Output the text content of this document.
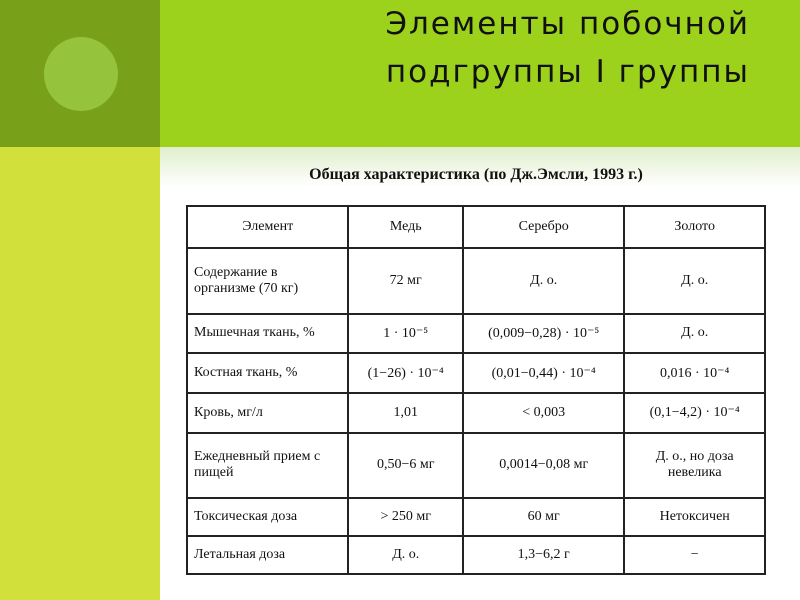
Элементы побочной
подгруппы I группы
Общая характеристика (по Дж.Эмсли, 1993 г.)
Элемент	Медь	Серебро	Золото
Содержание в организме (70 кг)	72 мг	Д. о.	Д. о.
Мышечная ткань, %	1 · 10⁻⁵	(0,009−0,28) · 10⁻⁵	Д. о.
Костная ткань, %	(1−26) · 10⁻⁴	(0,01−0,44) · 10⁻⁴	0,016 · 10⁻⁴
Кровь, мг/л	1,01	< 0,003	(0,1−4,2) · 10⁻⁴
Ежедневный прием с пищей	0,50−6 мг	0,0014−0,08 мг	Д. о., но доза невелика
Токсическая доза	> 250 мг	60 мг	Нетоксичен
Летальная доза	Д. о.	1,3−6,2 г	−
